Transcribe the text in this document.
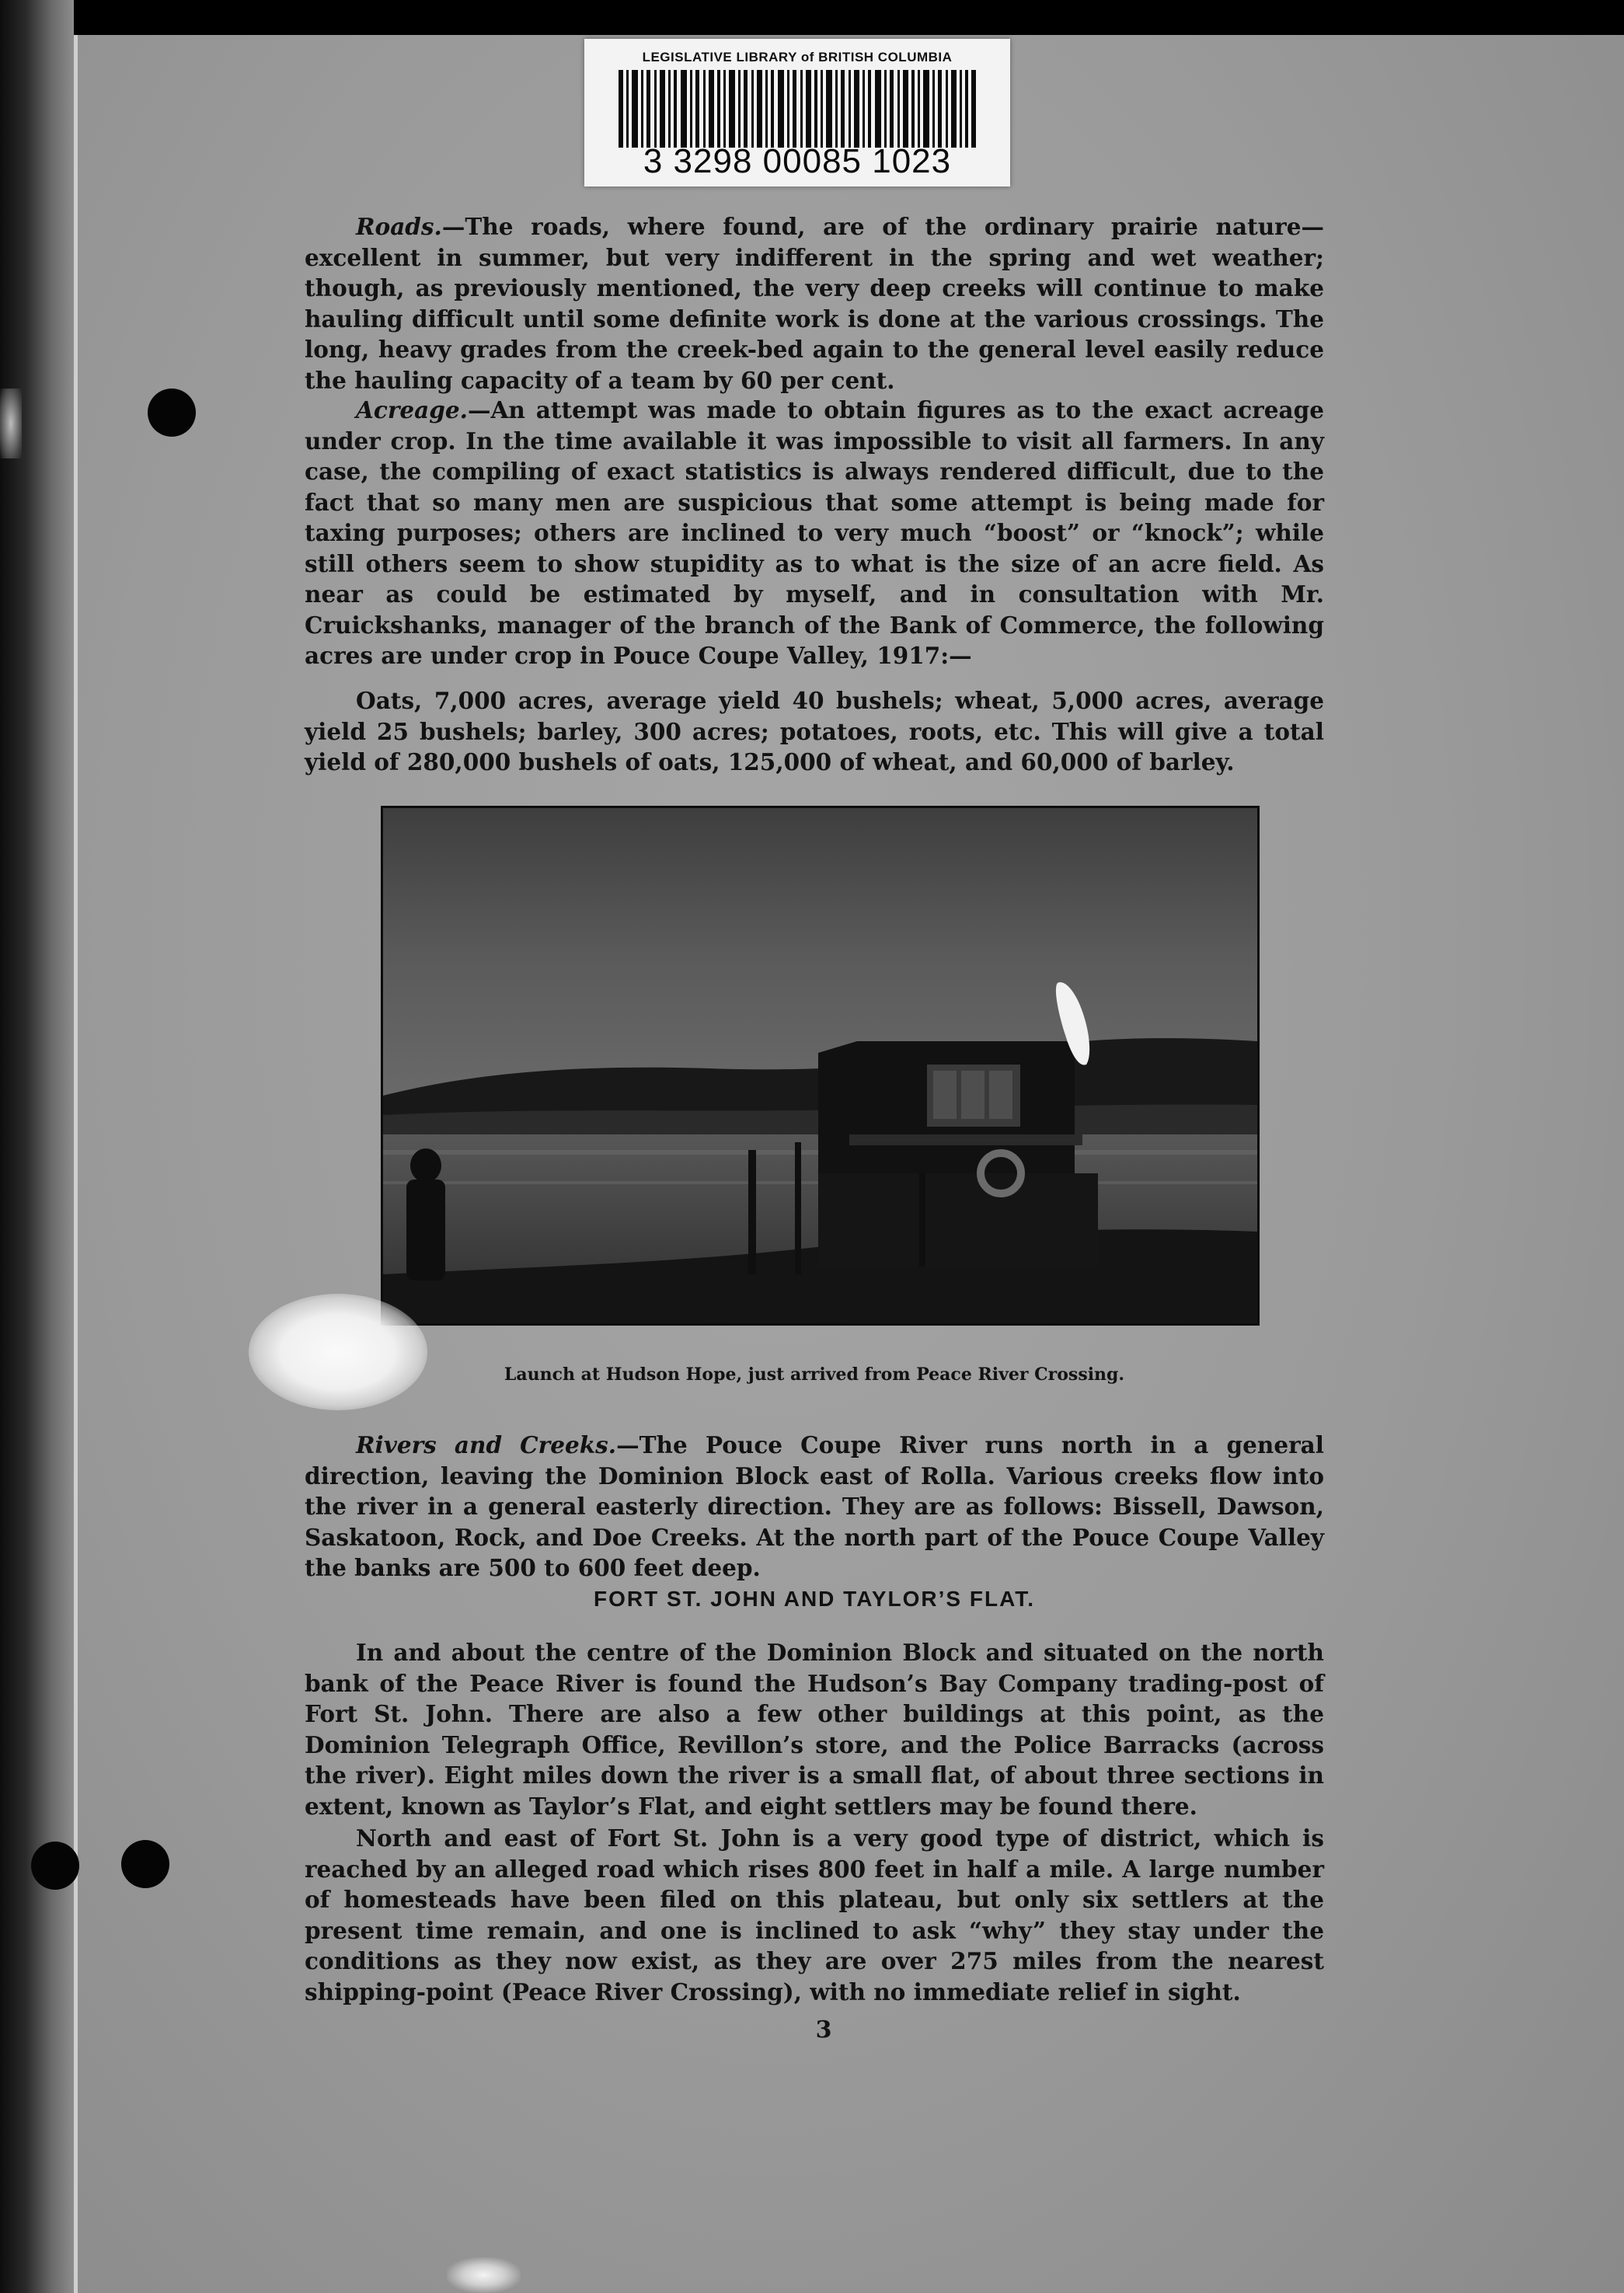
LEGISLATIVE LIBRARY of BRITISH COLUMBIA
3 3298 00085 1023

Roads.—The roads, where found, are of the ordinary prairie nature—excellent in summer, but very indifferent in the spring and wet weather; though, as previously mentioned, the very deep creeks will continue to make hauling difficult until some definite work is done at the various crossings. The long, heavy grades from the creek-bed again to the general level easily reduce the hauling capacity of a team by 60 per cent.

Acreage.—An attempt was made to obtain figures as to the exact acreage under crop. In the time available it was impossible to visit all farmers. In any case, the compiling of exact statistics is always rendered difficult, due to the fact that so many men are suspicious that some attempt is being made for taxing purposes; others are inclined to very much “boost” or “knock”; while still others seem to show stupidity as to what is the size of an acre field. As near as could be estimated by myself, and in consultation with Mr. Cruickshanks, manager of the branch of the Bank of Commerce, the following acres are under crop in Pouce Coupe Valley, 1917:—

Oats, 7,000 acres, average yield 40 bushels; wheat, 5,000 acres, average yield 25 bushels; barley, 300 acres; potatoes, roots, etc. This will give a total yield of 280,000 bushels of oats, 125,000 of wheat, and 60,000 of barley.

Launch at Hudson Hope, just arrived from Peace River Crossing.

Rivers and Creeks.—The Pouce Coupe River runs north in a general direction, leaving the Dominion Block east of Rolla. Various creeks flow into the river in a general easterly direction. They are as follows: Bissell, Dawson, Saskatoon, Rock, and Doe Creeks. At the north part of the Pouce Coupe Valley the banks are 500 to 600 feet deep.

FORT ST. JOHN AND TAYLOR’S FLAT.

In and about the centre of the Dominion Block and situated on the north bank of the Peace River is found the Hudson’s Bay Company trading-post of Fort St. John. There are also a few other buildings at this point, as the Dominion Telegraph Office, Revillon’s store, and the Police Barracks (across the river). Eight miles down the river is a small flat, of about three sections in extent, known as Taylor’s Flat, and eight settlers may be found there.

North and east of Fort St. John is a very good type of district, which is reached by an alleged road which rises 800 feet in half a mile. A large number of homesteads have been filed on this plateau, but only six settlers at the present time remain, and one is inclined to ask “why” they stay under the conditions as they now exist, as they are over 275 miles from the nearest shipping-point (Peace River Crossing), with no immediate relief in sight.

3
